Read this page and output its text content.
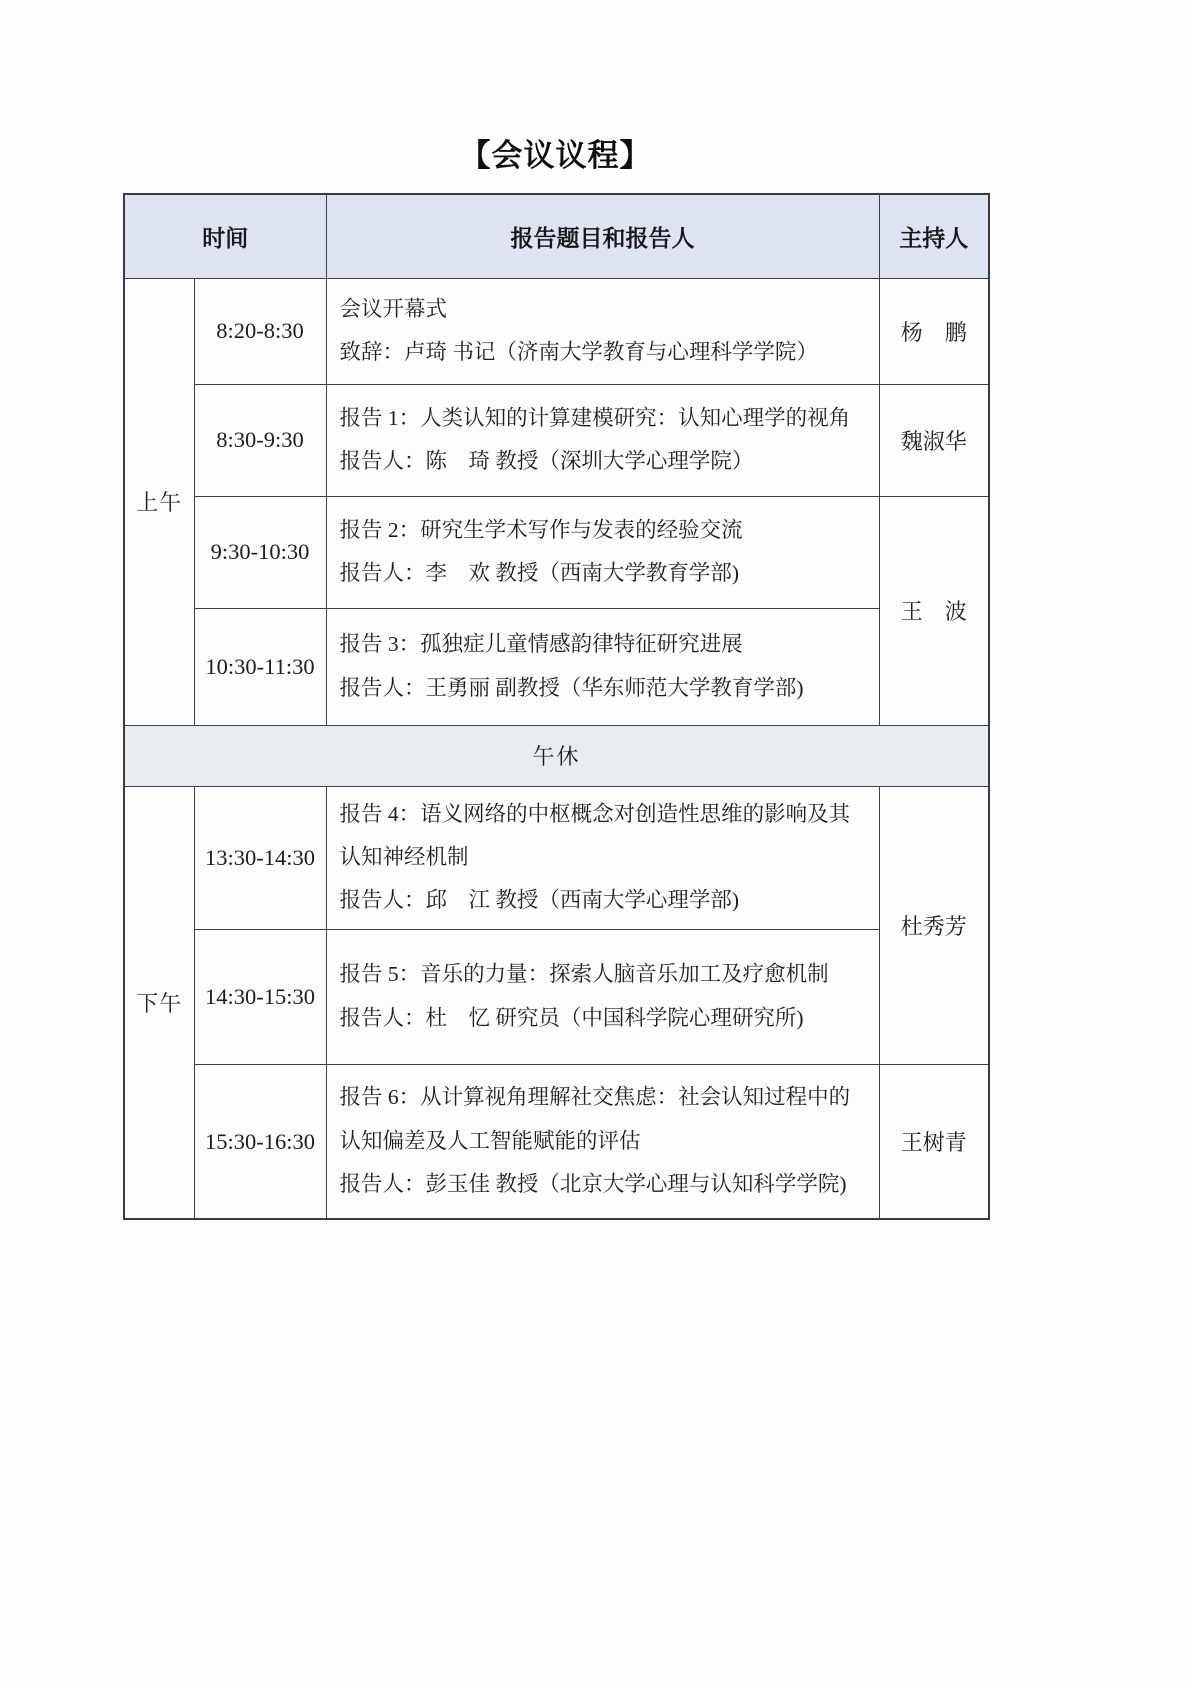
【会议议程】
时间		报告题目和报告人	主持人
上午	8:20-8:30	会议开幕式

致辞：卢琦 书记（济南大学教育与心理科学学院）	杨　鹏
	8:30-9:30	报告 1：人类认知的计算建模研究：认知心理学的视角

报告人：陈　琦 教授（深圳大学心理学院）	魏淑华
	9:30-10:30	报告 2：研究生学术写作与发表的经验交流

报告人：李　欢 教授（西南大学教育学部)	王　波
	10:30-11:30	报告 3：孤独症儿童情感韵律特征研究进展

报告人：王勇丽 副教授（华东师范大学教育学部)	

午休			
下午	13:30-14:30	报告 4：语义网络的中枢概念对创造性思维的影响及其认知神经机制

报告人：邱　江 教授（西南大学心理学部)	杜秀芳
	14:30-15:30	报告 5：音乐的力量：探索人脑音乐加工及疗愈机制

报告人：杜　忆 研究员（中国科学院心理研究所)	

	15:30-16:30	报告 6：从计算视角理解社交焦虑：社会认知过程中的认知偏差及人工智能赋能的评估

报告人：彭玉佳 教授（北京大学心理与认知科学学院)	王树青
